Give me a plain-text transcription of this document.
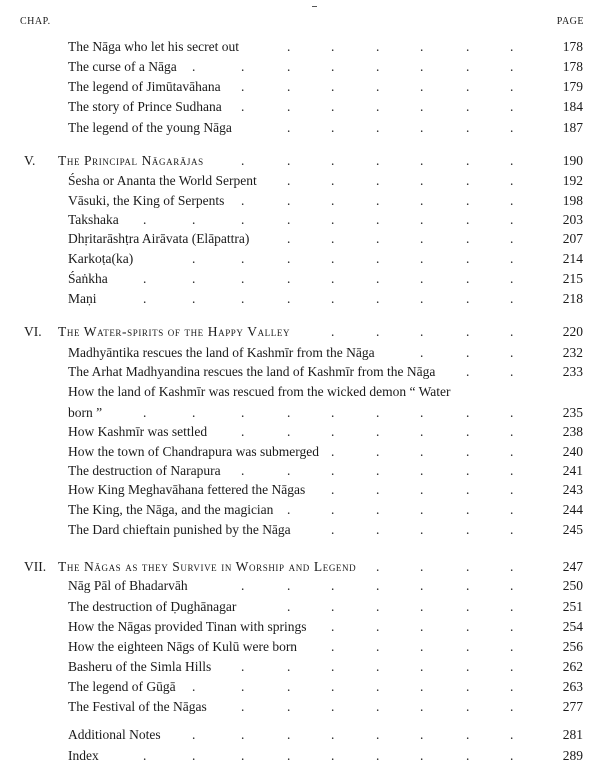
CHAP.	PAGE
The Nāga who let his secret out	178
.	.	.	.	.	.
The curse of a Nāga	178
.	.	.	.	.	.	.	.
The legend of Jimūtavāhana	179
.	.	.	.	.	.	.
The story of Prince Sudhana	184
.	.	.	.	.	.	.
The legend of the young Nāga	187
.	.	.	.	.	.
V.	The Principal Nāgarājas	190
.	.	.	.	.	.	.
Śesha or Ananta the World Serpent	192
.	.	.	.	.	.
Vāsuki, the King of Serpents	198
.	.	.	.	.	.	.
Takshaka	203
.	.	.	.	.	.	.	.	.
Dhṛitarāshṭra Airāvata (Elāpattra)	207
.	.	.	.	.	.
Karkoṭa(ka)	214
.	.	.	.	.	.	.	.
Śaṅkha	215
.	.	.	.	.	.	.	.	.
Maṇi	218
.	.	.	.	.	.	.	.	.
VI.	The Water-spirits of the Happy Valley	220
.	.	.	.	.
Madhyāntika rescues the land of Kashmīr from the Nāga	232
.	.	.
The Arhat Madhyandina rescues the land of Kashmīr from the Nāga	233
.	.
How the land of Kashmīr was rescued from the wicked demon “ Water
born ”	235
.	.	.	.	.	.	.	.	.
How Kashmīr was settled	238
.	.	.	.	.	.	.
How the town of Chandrapura was submerged	240
.	.	.	.	.
The destruction of Narapura	241
.	.	.	.	.	.	.
How King Meghavāhana fettered the Nāgas	243
.	.	.	.	.
The King, the Nāga, and the magician	244
.	.	.	.	.	.
The Dard chieftain punished by the Nāga	245
.	.	.	.	.
VII. The Nāgas as they Survive in Worship and Legend	247
.	.	.	.
Nāg Pāl of Bhadarvāh	250
.	.	.	.	.	.	.
The destruction of Ḍughānagar	251
.	.	.	.	.	.
How the Nāgas provided Tinan with springs	254
.	.	.	.	.
How the eighteen Nāgs of Kulū were born	256
.	.	.	.	.
Basheru of the Simla Hills	262
.	.	.	.	.	.	.
The legend of Gūgā	263
.	.	.	.	.	.	.	.
The Festival of the Nāgas	277
.	.	.	.	.	.	.
Additional Notes	281
.	.	.	.	.	.	.	.
Index	289
.	.	.	.	.	.	.	.	.
